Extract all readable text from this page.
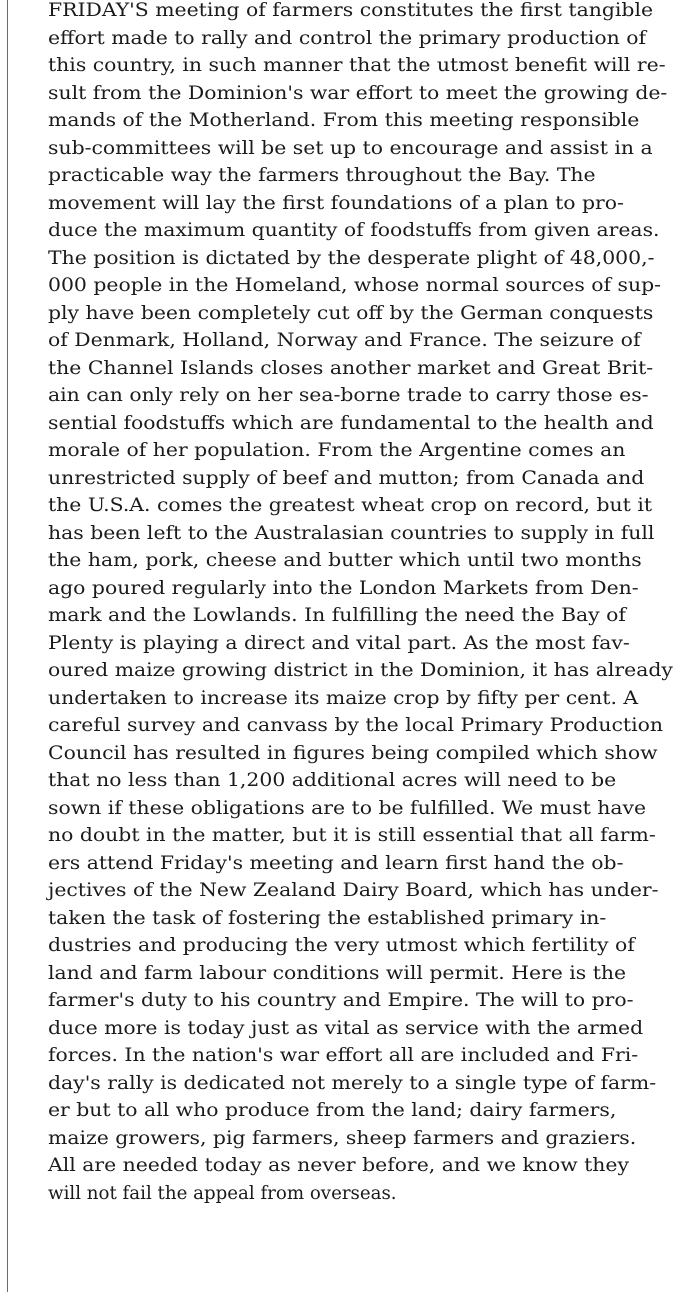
FRIDAY'S meeting of farmers constitutes the first tangible
effort made to rally and control the primary production of
this country, in such manner that the utmost benefit will re-
sult from the Dominion's war effort to meet the growing de-
mands of the Motherland. From this meeting responsible
sub-committees will be set up to encourage and assist in a
practicable way the farmers throughout the Bay. The
movement will lay the first foundations of a plan to pro-
duce the maximum quantity of foodstuffs from given areas.
The position is dictated by the desperate plight of 48,000,-
000 people in the Homeland, whose normal sources of sup-
ply have been completely cut off by the German conquests
of Denmark, Holland, Norway and France. The seizure of
the Channel Islands closes another market and Great Brit-
ain can only rely on her sea-borne trade to carry those es-
sential foodstuffs which are fundamental to the health and
morale of her population. From the Argentine comes an
unrestricted supply of beef and mutton; from Canada and
the U.S.A. comes the greatest wheat crop on record, but it
has been left to the Australasian countries to supply in full
the ham, pork, cheese and butter which until two months
ago poured regularly into the London Markets from Den-
mark and the Lowlands. In fulfilling the need the Bay of
Plenty is playing a direct and vital part. As the most fav-
oured maize growing district in the Dominion, it has already
undertaken to increase its maize crop by fifty per cent. A
careful survey and canvass by the local Primary Production
Council has resulted in figures being compiled which show
that no less than 1,200 additional acres will need to be
sown if these obligations are to be fulfilled. We must have
no doubt in the matter, but it is still essential that all farm-
ers attend Friday's meeting and learn first hand the ob-
jectives of the New Zealand Dairy Board, which has under-
taken the task of fostering the established primary in-
dustries and producing the very utmost which fertility of
land and farm labour conditions will permit. Here is the
farmer's duty to his country and Empire. The will to pro-
duce more is today just as vital as service with the armed
forces. In the nation's war effort all are included and Fri-
day's rally is dedicated not merely to a single type of farm-
er but to all who produce from the land; dairy farmers,
maize growers, pig farmers, sheep farmers and graziers.
All are needed today as never before, and we know they
will not fail the appeal from overseas.
